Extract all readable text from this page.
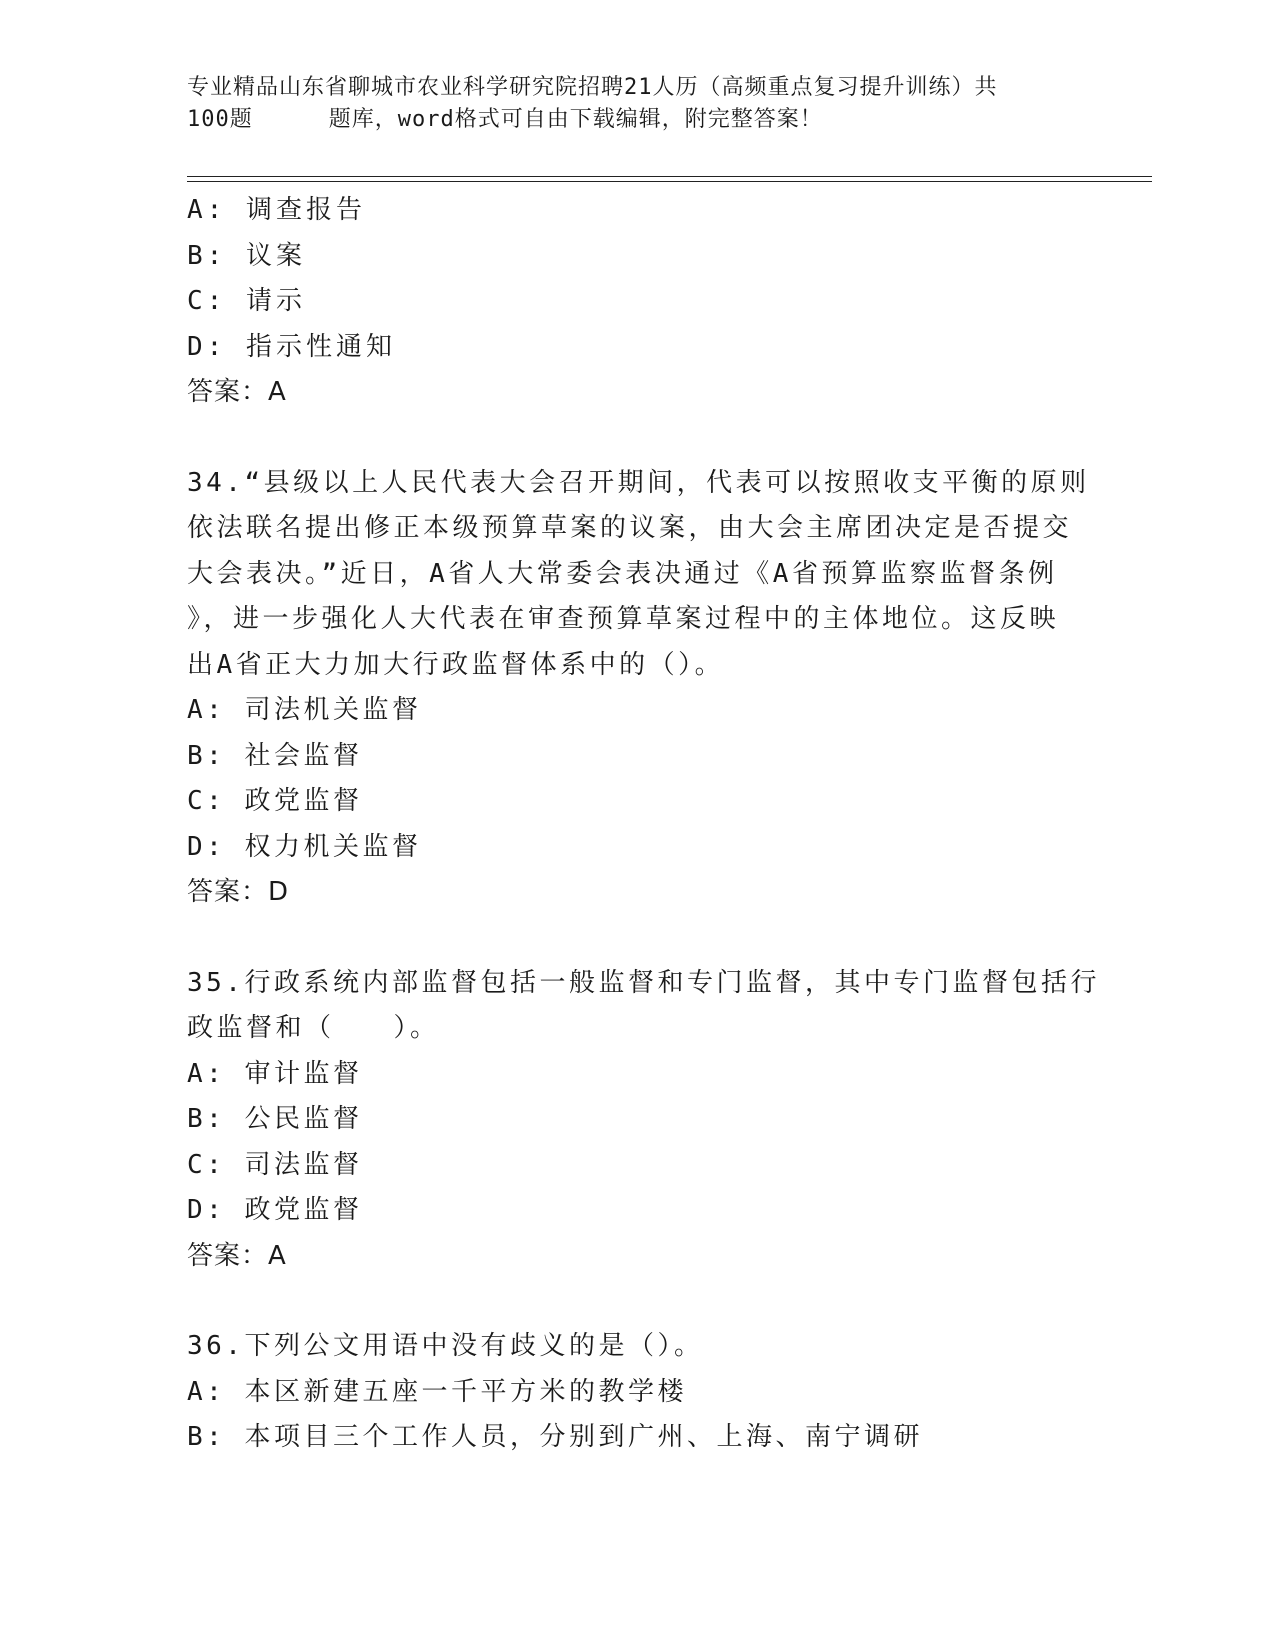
专业精品山东省聊城市农业科学研究院招聘21人历（高频重点复习提升训练）共
100题	题库，word格式可自由下载编辑，附完整答案！
A: 调查报告
B: 议案
C: 请示
D: 指示性通知
答案：A
34.“县级以上人民代表大会召开期间，代表可以按照收支平衡的原则
依法联名提出修正本级预算草案的议案，由大会主席团决定是否提交
大会表决。”近日，A省人大常委会表决通过《A省预算监察监督条例
》，进一步强化人大代表在审查预算草案过程中的主体地位。这反映
出A省正大力加大行政监督体系中的（）。
A: 司法机关监督
B: 社会监督
C: 政党监督
D: 权力机关监督
答案：D
35.行政系统内部监督包括一般监督和专门监督，其中专门监督包括行
政监督和（　　）。
A: 审计监督
B: 公民监督
C: 司法监督
D: 政党监督
答案：A
36.下列公文用语中没有歧义的是（）。
A: 本区新建五座一千平方米的教学楼
B: 本项目三个工作人员，分别到广州、上海、南宁调研
